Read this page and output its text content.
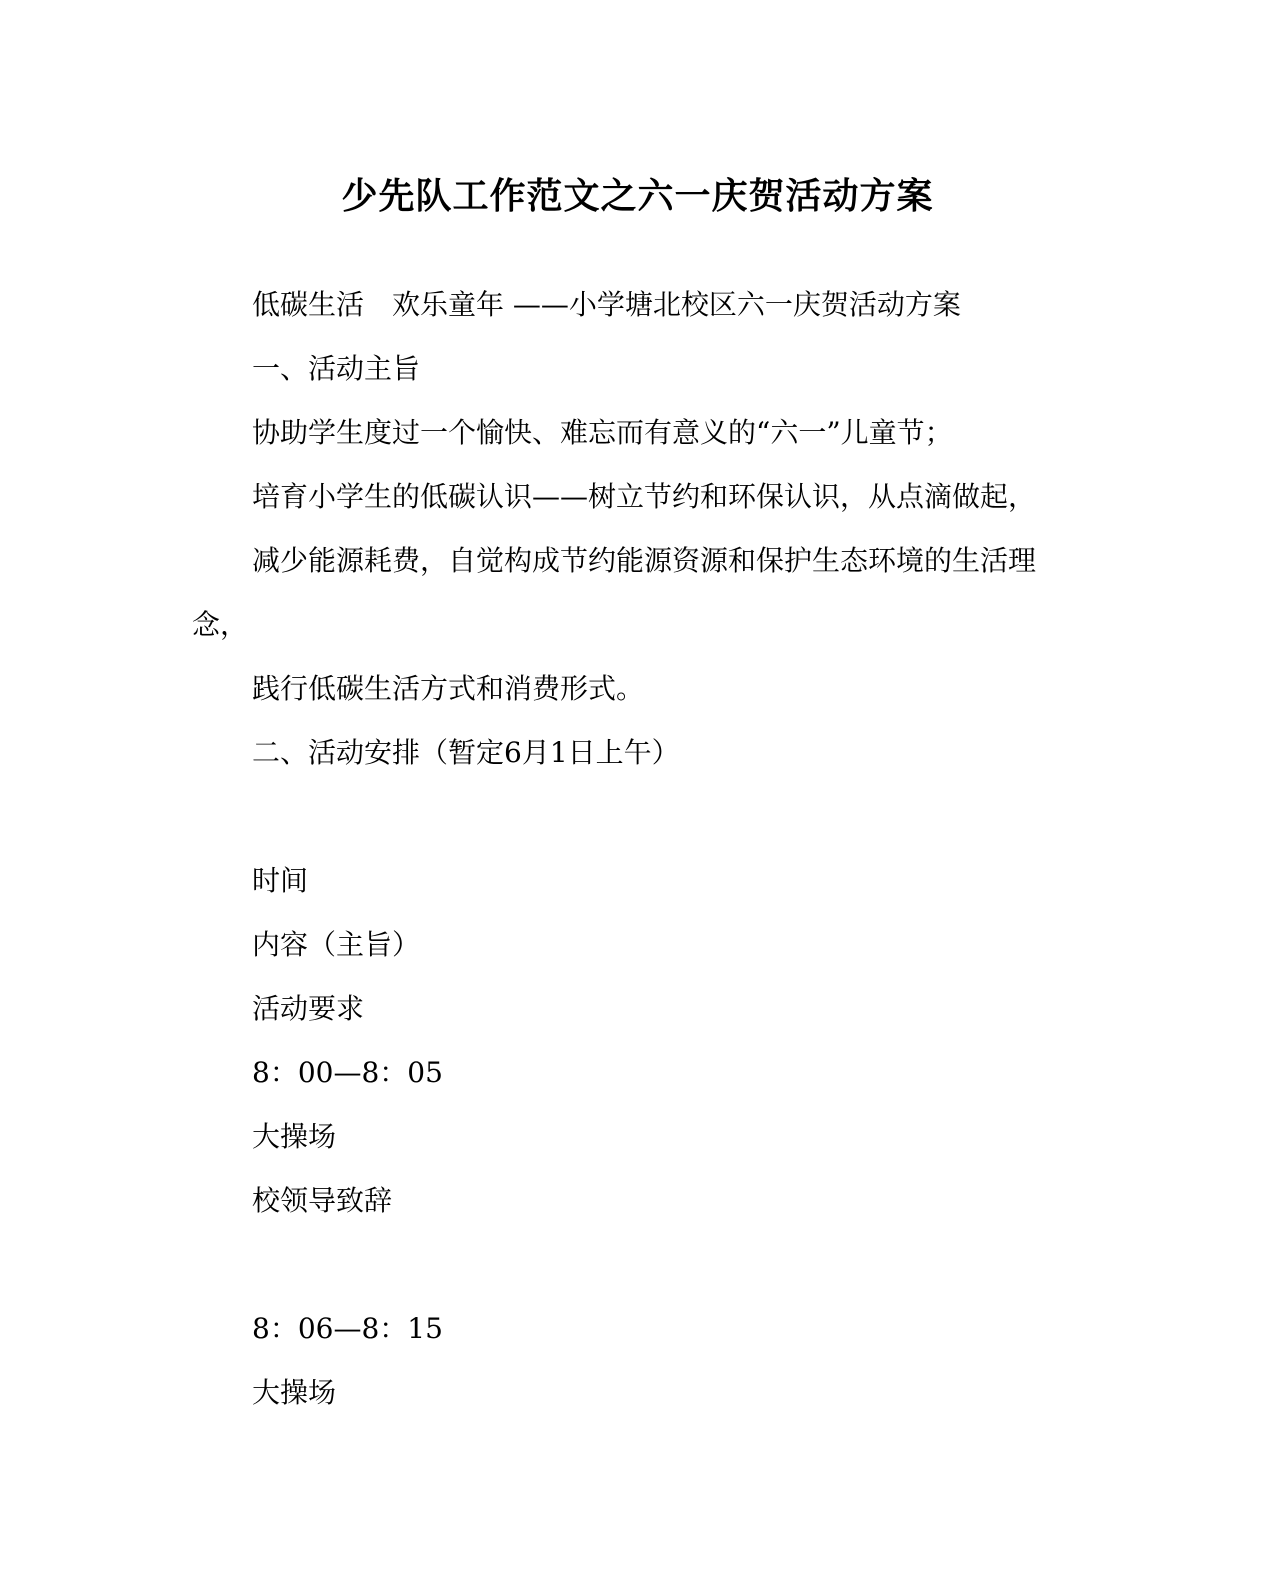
少先队工作范文之六一庆贺活动方案
低碳生活　欢乐童年 ——小学塘北校区六一庆贺活动方案
一、活动主旨
协助学生度过一个愉快、难忘而有意义的“六一”儿童节；
培育小学生的低碳认识——树立节约和环保认识，从点滴做起，
减少能源耗费，自觉构成节约能源资源和保护生态环境的生活理
念，
践行低碳生活方式和消费形式。
二、活动安排（暂定6月1日上午）
时间
内容（主旨）
活动要求
8：00—8：05
大操场
校领导致辞
8：06—8：15
大操场
